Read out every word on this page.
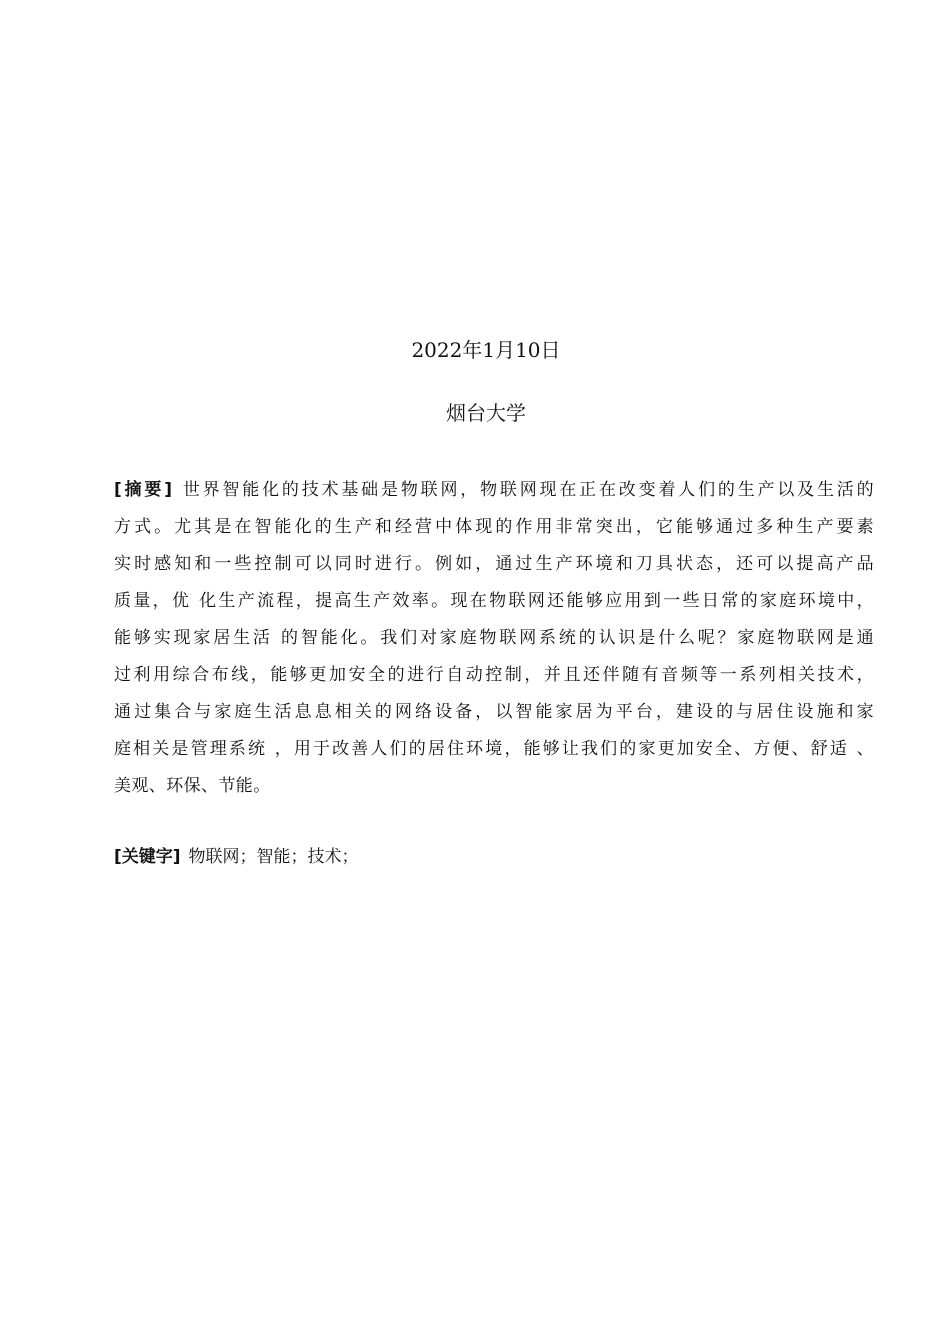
2022年1月10日
烟台大学
[摘要] 世界智能化的技术基础是物联网，物联网现在正在改变着人们的生产以及生活的
方式。尤其是在智能化的生产和经营中体现的作用非常突出，它能够通过多种生产要素
实时感知和一些控制可以同时进行。例如，通过生产环境和刀具状态，还可以提高产品
质量，优 化生产流程，提高生产效率。现在物联网还能够应用到一些日常的家庭环境中，
能够实现家居生活 的智能化。我们对家庭物联网系统的认识是什么呢？家庭物联网是通
过利用综合布线，能够更加安全的进行自动控制，并且还伴随有音频等一系列相关技术，
通过集合与家庭生活息息相关的网络设备，以智能家居为平台，建设的与居住设施和家
庭相关是管理系统 ，用于改善人们的居住环境，能够让我们的家更加安全、方便、舒适 、
美观、环保、节能。
[关键字] 物联网；智能；技术；
